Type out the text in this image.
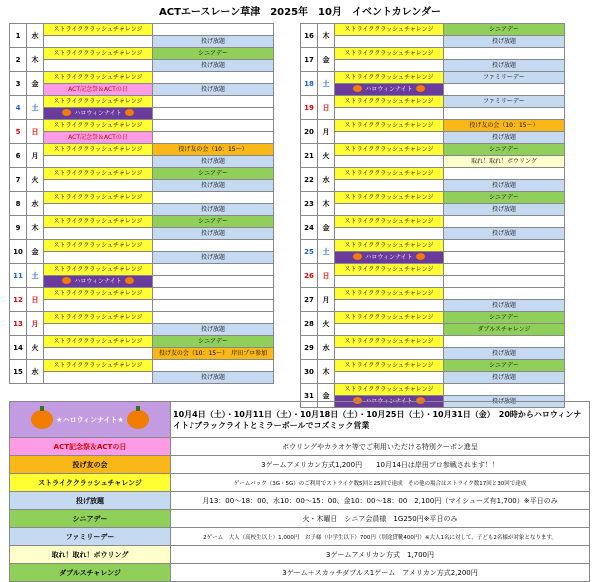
ACTエースレーン草津　2025年　10月　イベントカレンダー
1	水	ストライククラッシュチャレンジ	
			投げ放題
2	木	ストライククラッシュチャレンジ	シニアデー
			投げ放題
3	金	ストライククラッシュチャレンジ	
		ACT記念祭＆ACTの日	投げ放題
4	土	ストライククラッシュチャレンジ	
		ハロウィンナイト	
5	日	ストライククラッシュチャレンジ	
		ACT記念祭＆ACTの日	
6	月	ストライククラッシュチャレンジ	投げ友の会（10：15～）
			投げ放題
7	火	ストライククラッシュチャレンジ	シニアデー
			投げ放題
8	水	ストライククラッシュチャレンジ	
			投げ放題
9	木	ストライククラッシュチャレンジ	シニアデー
			投げ放題
10	金	ストライククラッシュチャレンジ	
			投げ放題
11	土	ストライククラッシュチャレンジ	
		ハロウィンナイト	
12	日	ストライククラッシュチャレンジ	

13	月	ストライククラッシュチャレンジ	
			投げ放題
14	火	ストライククラッシュチャレンジ	シニアデー
			投げ友の会（10：15～）　岸田プロ参加
15	水	ストライククラッシュチャレンジ	
			投げ放題
16	木	ストライククラッシュチャレンジ	シニアデー
			投げ放題
17	金	ストライククラッシュチャレンジ	
			投げ放題
18	土	ストライククラッシュチャレンジ	ファミリーデー
		ハロウィンナイト	
19	日	ストライククラッシュチャレンジ	ファミリーデー

20	月	ストライククラッシュチャレンジ	投げ友の会（10：15～）
			投げ放題
21	火	ストライククラッシュチャレンジ	シニアデー
			取れ！取れ！ボウリング
22	水	ストライククラッシュチャレンジ	
			投げ放題
23	木	ストライククラッシュチャレンジ	シニアデー
			投げ放題
24	金	ストライククラッシュチャレンジ	
			投げ放題
25	土	ストライククラッシュチャレンジ	
		ハロウィンナイト	
26	日	ストライククラッシュチャレンジ	

27	月	ストライククラッシュチャレンジ	
			投げ放題
28	火	ストライククラッシュチャレンジ	シニアデー
			ダブルスチャレンジ
29	水	ストライククラッシュチャレンジ	
			投げ放題
30	木	ストライククラッシュチャレンジ	シニアデー
			投げ放題
31	金	ストライククラッシュチャレンジ	
		ハロウィンナイト	投げ放題
★ハロウィンナイト★	10月4日（土）・10月11日（土）・10月18日（土）・10月25日（土）・10月31日（金）　20時からハロウィンナイト♪ブラックライトとミラーボールでコズミック営業
ACT記念祭＆ACTの日	ボウリングやカラオケ等でご利用いただける特別クーポン進呈
投げ友の会	3ゲームアメリカン方式1,200円　　10月14日は岸田プロ参戦されます！！
ストライククラッシュチャレンジ	ゲームパック（3G・5G）のご利用でストライク数5回と25回で達成　その他の場合はストライク数17回と30回で達成
投げ放題	月13：00～18：00、水10：00～15：00、金10：00～18：00　2,100円（マイシューズ有1,700）※平日のみ
シニアデー	火・木曜日　シニア会員様　1G250円※平日のみ
ファミリーデー	2ゲーム　大人（高校生以上）1,000円　お子様（中学生以下）700円（別途貸靴400円）※大人1名に対して、子ども2名様が対象となります。
取れ！取れ！ボウリング	3ゲームアメリカン方式　1,700円
ダブルスチャレンジ	3ゲーム＋スカッチダブルス1ゲーム　アメリカン方式2,200円
